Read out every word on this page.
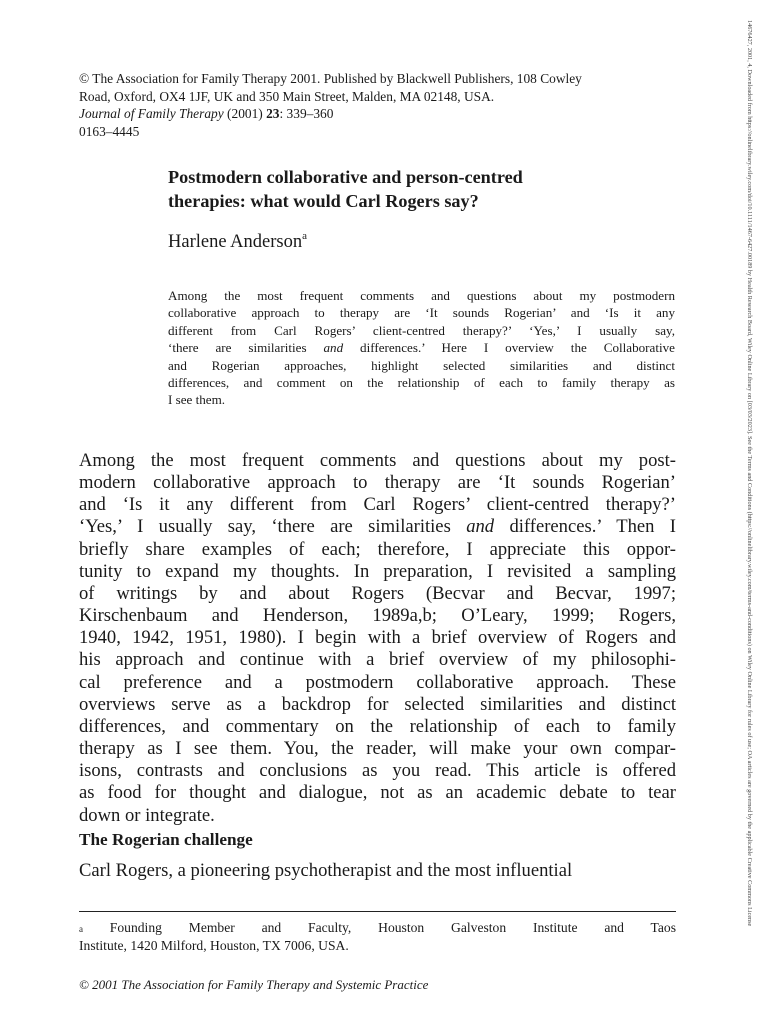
© The Association for Family Therapy 2001. Published by Blackwell Publishers, 108 Cowley
Road, Oxford, OX4 1JF, UK and 350 Main Street, Malden, MA 02148, USA.
Journal of Family Therapy (2001) 23: 339–360
0163–4445
Postmodern collaborative and person-centred
therapies: what would Carl Rogers say?
Harlene Anderson$^a$
Among the most frequent comments and questions about my postmodern
collaborative approach to therapy are ‘It sounds Rogerian’ and ‘Is it any
different from Carl Rogers’ client-centred therapy?’ ‘Yes,’ I usually say,
‘there are similarities and differences.’ Here I overview the Collaborative
and Rogerian approaches, highlight selected similarities and distinct
differences, and comment on the relationship of each to family therapy as
I see them.
Among the most frequent comments and questions about my post-
modern collaborative approach to therapy are ‘It sounds Rogerian’
and ‘Is it any different from Carl Rogers’ client-centred therapy?’
‘Yes,’ I usually say, ‘there are similarities and differences.’ Then I
briefly share examples of each; therefore, I appreciate this oppor-
tunity to expand my thoughts. In preparation, I revisited a sampling
of writings by and about Rogers (Becvar and Becvar, 1997;
Kirschenbaum and Henderson, 1989a,b; O’Leary, 1999; Rogers,
1940, 1942, 1951, 1980). I begin with a brief overview of Rogers and
his approach and continue with a brief overview of my philosophi-
cal preference and a postmodern collaborative approach. These
overviews serve as a backdrop for selected similarities and distinct
differences, and commentary on the relationship of each to family
therapy as I see them. You, the reader, will make your own compar-
isons, contrasts and conclusions as you read. This article is offered
as food for thought and dialogue, not as an academic debate to tear
down or integrate.
The Rogerian challenge
Carl Rogers, a pioneering psychotherapist and the most influential
$^a$ Founding Member and Faculty, Houston Galveston Institute and Taos
Institute, 1420 Milford, Houston, TX 7006, USA.
© 2001 The Association for Family Therapy and Systemic Practice
14676427, 2001, 4, Downloaded from https://onlinelibrary.wiley.com/doi/10.1111/1467-6427.00189 by Health Research Board, Wiley Online Library on [03/03/2023]. See the Terms and Conditions (https://onlinelibrary.wiley.com/terms-and-conditions) on Wiley Online Library for rules of use; OA articles are governed by the applicable Creative Commons License
